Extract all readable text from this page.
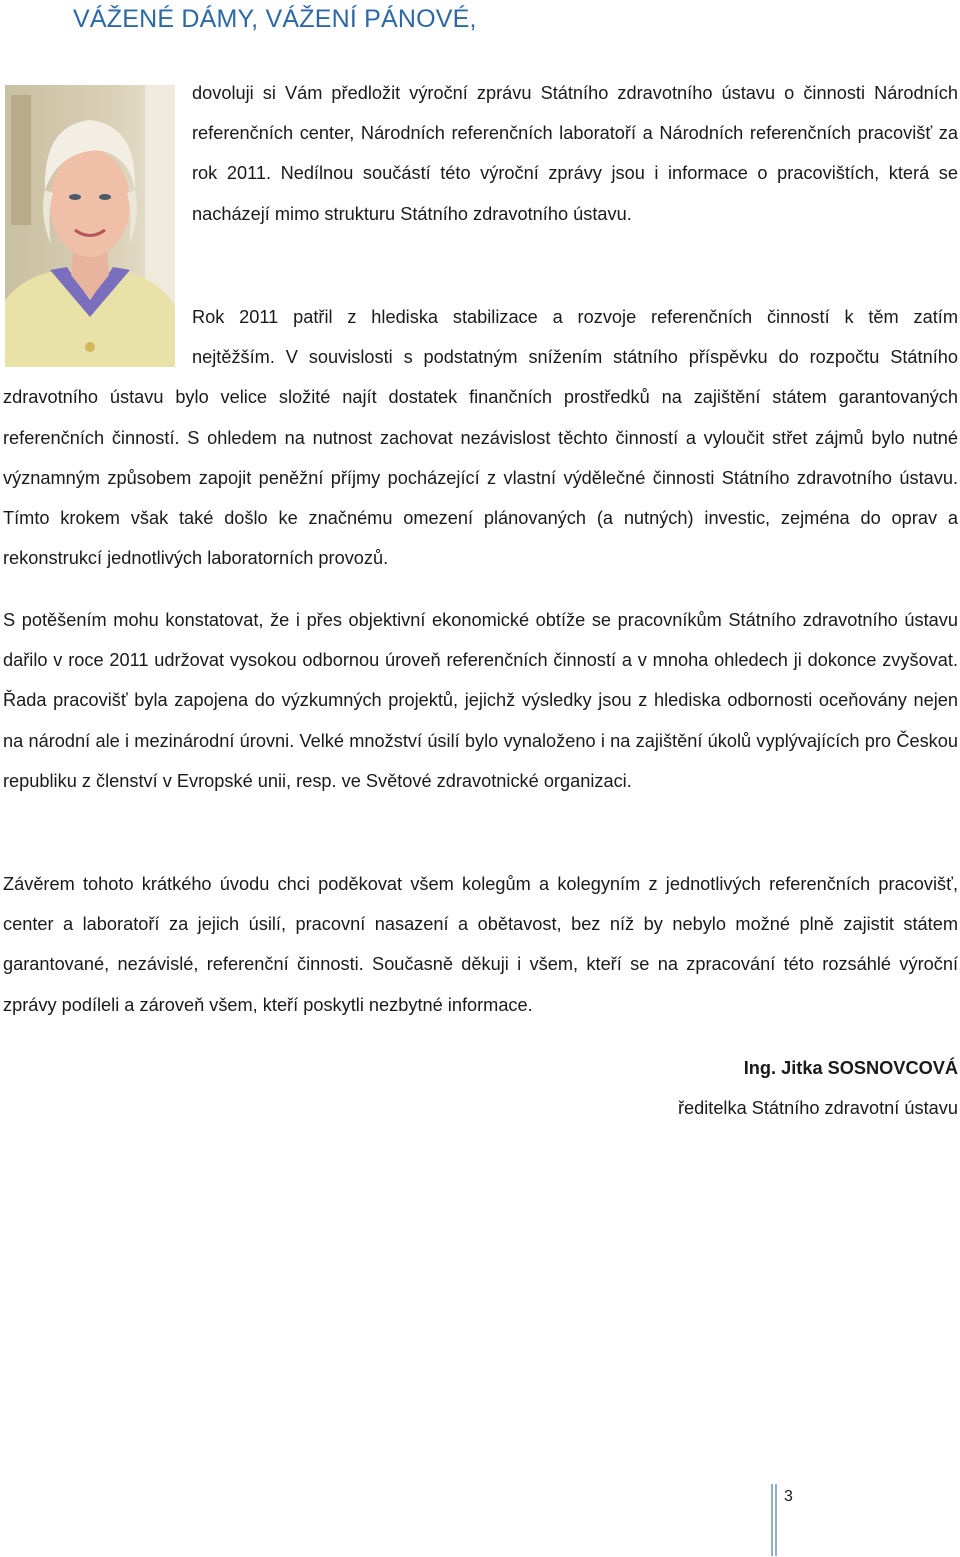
VÁŽENÉ DÁMY, VÁŽENÍ PÁNOVÉ,

dovoluji si Vám předložit výroční zprávu Státního zdravotního ústavu o činnosti Národních referenčních center, Národních referenčních laboratoří a Národních referenčních pracovišť za rok 2011. Nedílnou součástí této výroční zprávy jsou i informace o pracovištích, která se nacházejí mimo strukturu Státního zdravotního ústavu.

Rok 2011 patřil z hlediska stabilizace a rozvoje referenčních činností k těm zatím
nejtěžším. V souvislosti s podstatným snížením státního příspěvku do rozpočtu Státního zdravotního ústavu bylo velice složité najít dostatek finančních prostředků na zajištění státem garantovaných referenčních činností. S ohledem na nutnost zachovat nezávislost těchto činností a vyloučit střet zájmů bylo nutné významným způsobem zapojit peněžní příjmy pocházející z vlastní výdělečné činnosti Státního zdravotního ústavu. Tímto krokem však také došlo ke značnému omezení plánovaných (a nutných) investic, zejména do oprav a rekonstrukcí jednotlivých laboratorních provozů.

S potěšením mohu konstatovat, že i přes objektivní ekonomické obtíže se pracovníkům Státního zdravotního ústavu dařilo v roce 2011 udržovat vysokou odbornou úroveň referenčních činností a v mnoha ohledech ji dokonce zvyšovat. Řada pracovišť byla zapojena do výzkumných projektů, jejichž výsledky jsou z hlediska odbornosti oceňovány nejen na národní ale i mezinárodní úrovni. Velké množství úsilí bylo vynaloženo i na zajištění úkolů vyplývajících pro Českou republiku z členství v Evropské unii, resp. ve Světové zdravotnické organizaci.

Závěrem tohoto krátkého úvodu chci poděkovat všem kolegům a kolegyním z jednotlivých referenčních pracovišť, center a laboratoří za jejich úsilí, pracovní nasazení a obětavost, bez níž by nebylo možné plně zajistit státem garantované, nezávislé, referenční činnosti. Současně děkuji i všem, kteří se na zpracování této rozsáhlé výroční zprávy podíleli a zároveň všem, kteří poskytli nezbytné informace.

Ing. Jitka SOSNOVCOVÁ
ředitelka Státního zdravotní ústavu
3
